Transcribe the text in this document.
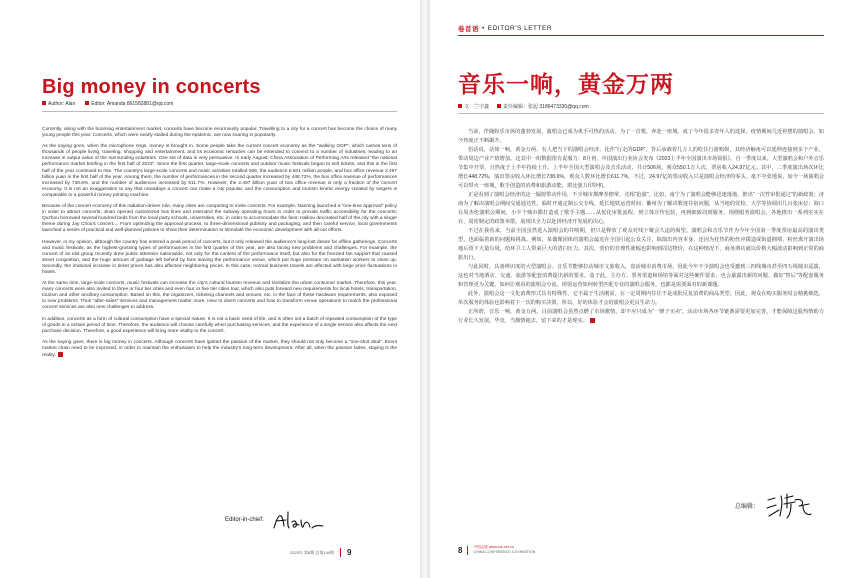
Big money in concerts
Author: Alan	Editor: Amanda 861582881@qq.com

Currently, along with the booming entertainment market, concerts have become enormously popular. Travelling to a city for a concert has become the choice of many young people this year. Concerts, which were nearly stalled during the epidemic, are now soaring in popularity.

As the saying goes, when the microphone rings, money is brought in. Some people take the current concert economy as the "walking GDP", which carries tens of thousands of people living, traveling, shopping and entertainment, and its economic tentacles can be extended to connect to a number of industries, leading to an increase in output value of the surrounding industries. One set of data is very persuasive. In early August, China Association of Performing Arts released "the national performance market briefing in the first half of 2023". Since the first quarter, large-scale concerts and outdoor music festivals began to sell tickets, and this in the first half of the year continued to rise. The country's large-scale concerts and music activities totalled 506, the audience 5.501 million people, and box office revenue 2.497 billion yuan in the first half of the year. Among them, the number of performances in the second quarter increased by 448.72%, the box office revenue of performances increased by 738.6%, and the number of audiences increased by 611.7%. However, the 2.497 billion yuan of box office revenue is only a fraction of the concert economy. It is not an exaggeration to say that nowadays a concert can make a city popular, and the consumption and tourism kinetic energy created by singers is comparable to a powerful money printing machine.

Because of the concert economy of this radiation-driven role, many cities are competing to invite concerts. For example, Nanning launched a "one-time approval" policy in order to attract concerts; Jinan opened customized bus lines and extended the subway operating hours in order to provide traffic accessibility for the concerts; Quzhou borrowed several hundred beds from the local party schools, universities, etc. in order to accommodate the fans; Haikou decorated half of the city with a singer theme during Jay Chou's concert.... From optimizing the approval process, to three-dimensional publicity and packaging, and then careful service, local governments launched a series of practical and well-planned policies to show their determination to stimulate the economic development with all-out efforts.

However, in my opinion, although the country has entered a peak period of concerts, but it only released the audience's long-lost desire for offline gatherings. Concerts and music festivals, as the highest-grossing types of performances in the first quarter of this year, are also facing new problems and challenges. For example, the concert of an idol group recently drew public attention nationwide, not only for the content of the performance itself, but also for the frenzied fan support that caused street congestion, and the huge amount of garbage left behind by fans leaving the performance venue, which put huge pressure on sanitation workers to clean up. Secondly, the irrational increase in ticket prices has also affected neighboring prices. In this case, normal business travels are affected with large price fluctuations in hotels.

At the same time, large-scale concerts, music festivals can increase the city's cultural tourism revenue and revitalize the urban consumer market. Therefore, this year, many concerts were also invited to three or four tier cities and even four or five tier cities tour, which also puts forward new requirements for local hotels, transportation, tourism and other ancillary consumption. Based on this, the organizers, ticketing channels and venues, etc. in the face of these hardware requirements, also exposed to new problems. Thus "after-sales" services and management matter more. How to divert concerts and how to transform venue operations to match the professional concert services are also new challenges to address.

In addition, concerts as a form of cultural consumption have a special nature. It is not a basic need of life, and is often not a batch of repeated consumption of the type of goods in a certain period of time. Therefore, the audience will choose carefully when purchasing services, and the experience of a single service also affects the next purchase decision. Therefore, a good experience will bring more vitality to the concert.

As the saying goes, there is big money in concerts. Although concerts have ignited the passion of the market, they should not only become a "one-shot deal". Event market chain need to be improved, in order to maintain the enthusiasm to help the industry's long-term development. After all, when the passion fades, staying is the reality.

Editor-in-chief:
2023年 第8期 总第144期 9
卷首语 • EDITOR'S LETTER
音乐一响，黄金万两
文：兰宇鑫	责任编辑：张起 3186473330@qq.com

当前，伴随娱乐市场的蓬勃发展，演唱会已成为炙手可热的活动。为了一首歌，奔赴一座城，成了今年很多青年人的选择。疫情期间几近停摆的演唱会，如今热度正不断飙升。

俗话说，话筒一响，黄金万两。有人把当下的演唱会经济，比作“行走的GDP”，背后承载着几万人的吃住行游购娱，其经济触角可以延伸连接到多个产业，带动周边产业产值增加。这其中一组数据很有说服力：8月初，中国演出行业协会发布《2023上半年全国演出市场简报》。自一季度以来，大型演唱会和户外音乐节集中开票，且热度于上半年持续上升。上半年全国大型演唱会及音乐活动，共计506场，观众550.1万人次，票房收入24.97亿元。其中，二季度演出场次环比增长448.72%，演出票房收入环比增长738.6%，观众人数环比增长611.7%。不过，24.97亿的票房收入只是演唱会经济的零头。毫不夸张地说，如今一场演唱会可以带火一座城，歌手创造的消费和旅游动能，堪比强力印钞机。

正是看到了演唱会经济的这一辐射带动作用，不少城市都摩拳擦掌，竞相“抢演”。比如，南宁为了演唱会能够迅速落地，推出“一次性审批通过”的新政策；济南为了解决演唱会期间交通通达性，临时开通定制公交专线，延长地铁运营时间；衢州为了解决歌迷住宿问题，从当地的党校、大学等协调出几百张床位；海口在周杰伦演唱会期间，小半个城市都打造成了歌手主题……从优化审批流程，到立体宣传包装，再到细致周到服务，围绕服务演唱会，各地推出一系列实实在在、周密制定的政策举措，展现出全力以赴拼经济开发展的决心。

不过在我看来，当前全国虽然进入演唱会的井喷期，但只是释放了观众对线下聚会久违的渴望。演唱会和音乐节作为今年全国第一季度票房最高的演出类型，也面临着新的问题和挑战。例如，某偶像团体的演唱会最近在全国引起公众关注，除演出内容本身，还因为狂热的粉丝应援造成街道拥堵，粉丝离开演出场地后留下大量垃圾，给环卫工人带来巨大的清扫压力。其次，票价的非理性涨幅也影响到周边物价，在这种情况下，商务酒店就以价格大幅波动影响到正常的商旅出行。

与此同时，具备辨识度的大型演唱会、音乐节能够拉动城市文旅收入，盘活城市消费市场。因此今年不少演唱会也受邀到三四线城市甚至四五线城市巡演，这也对当地酒店、交通、旅游等配套消费提出新的要求。基于此，主办方、票务渠道和场馆等面对这些硬件要求，也会暴露出新的问题。做好“售后”等配套服务和管理更为关键。如何让观看的演唱会分流、场馆运营如何转型匹配专业的演唱会服务，也都是需要面对的新课题。

此外，演唱会这一文化消费形式具有特殊性。它不属于生活刚需，在一定周期内往往不是成批反复消费的商品类型。因此，观众在购买服务时会精挑细选，单次服务的体验也影响着下一次的购买决策。所以，好的体验才会给演唱会更具生命力。

正所谓，音乐一响，黄金万两。目前演唱会虽然点燃了市场激情，却不应只成为“一锤子买卖”。活动市场各环节链条需要更加完善，才能保障这股热情助力行业长久发展。毕竟，当激情褪去，留下来的才是现实。

总编辑：
8	中国会展 www.cce.net.cn
CHINA CONFERENCE & EXHIBITION
